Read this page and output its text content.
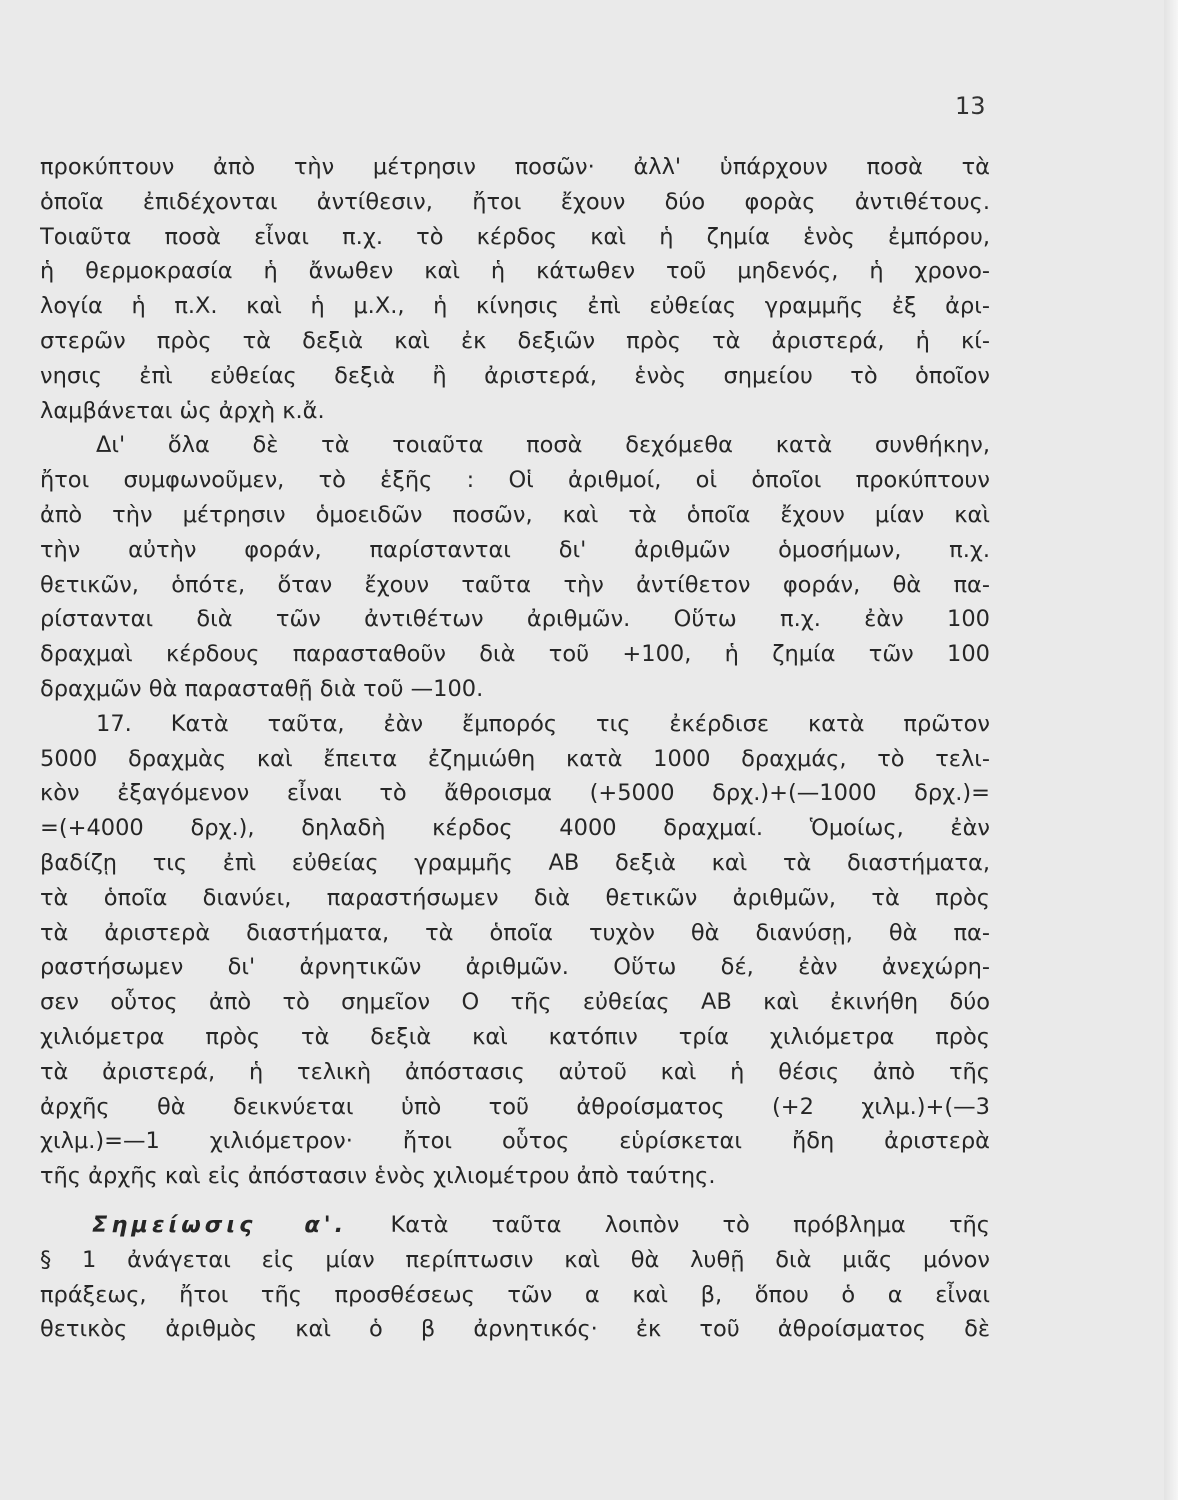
13
προκύπτουν ἀπὸ τὴν μέτρησιν ποσῶν· ἀλλ' ὑπάρχουν ποσὰ τὰ
ὁποῖα ἐπιδέχονται ἀντίθεσιν, ἤτοι ἔχουν δύο φορὰς ἀντιθέτους.
Τοιαῦτα ποσὰ εἶναι π.χ. τὸ κέρδος καὶ ἡ ζημία ἑνὸς ἐμπόρου,
ἡ θερμοκρασία ἡ ἄνωθεν καὶ ἡ κάτωθεν τοῦ μηδενός, ἡ χρονο-
λογία ἡ π.Χ. καὶ ἡ μ.Χ., ἡ κίνησις ἐπὶ εὐθείας γραμμῆς ἐξ ἀρι-
στερῶν πρὸς τὰ δεξιὰ καὶ ἐκ δεξιῶν πρὸς τὰ ἀριστερά, ἡ κί-
νησις ἐπὶ εὐθείας δεξιὰ ἢ ἀριστερά, ἑνὸς σημείου τὸ ὁποῖον
λαμβάνεται ὡς ἀρχὴ κ.ἄ.
Δι' ὅλα δὲ τὰ τοιαῦτα ποσὰ δεχόμεθα κατὰ συνθήκην,
ἤτοι συμφωνοῦμεν, τὸ ἑξῆς : Οἱ ἀριθμοί, οἱ ὁποῖοι προκύπτουν
ἀπὸ τὴν μέτρησιν ὁμοειδῶν ποσῶν, καὶ τὰ ὁποῖα ἔχουν μίαν καὶ
τὴν αὐτὴν φοράν, παρίστανται δι' ἀριθμῶν ὁμοσήμων, π.χ.
θετικῶν, ὁπότε, ὅταν ἔχουν ταῦτα τὴν ἀντίθετον φοράν, θὰ πα-
ρίστανται διὰ τῶν ἀντιθέτων ἀριθμῶν. Οὕτω π.χ. ἐὰν 100
δραχμαὶ κέρδους παρασταθοῦν διὰ τοῦ +100, ἡ ζημία τῶν 100
δραχμῶν θὰ παρασταθῇ διὰ τοῦ —100.
17. Κατὰ ταῦτα, ἐὰν ἔμπορός τις ἐκέρδισε κατὰ πρῶτον
5000 δραχμὰς καὶ ἔπειτα ἐζημιώθη κατὰ 1000 δραχμάς, τὸ τελι-
κὸν ἐξαγόμενον εἶναι τὸ ἄθροισμα (+5000 δρχ.)+(—1000 δρχ.)=
=(+4000 δρχ.), δηλαδὴ κέρδος 4000 δραχμαί. Ὁμοίως, ἐὰν
βαδίζῃ τις ἐπὶ εὐθείας γραμμῆς ΑΒ δεξιὰ καὶ τὰ διαστήματα,
τὰ ὁποῖα διανύει, παραστήσωμεν διὰ θετικῶν ἀριθμῶν, τὰ πρὸς
τὰ ἀριστερὰ διαστήματα, τὰ ὁποῖα τυχὸν θὰ διανύσῃ, θὰ πα-
ραστήσωμεν δι' ἀρνητικῶν ἀριθμῶν. Οὕτω δέ, ἐὰν ἀνεχώρη-
σεν οὗτος ἀπὸ τὸ σημεῖον Ο τῆς εὐθείας ΑΒ καὶ ἐκινήθη δύο
χιλιόμετρα πρὸς τὰ δεξιὰ καὶ κατόπιν τρία χιλιόμετρα πρὸς
τὰ ἀριστερά, ἡ τελικὴ ἀπόστασις αὐτοῦ καὶ ἡ θέσις ἀπὸ τῆς
ἀρχῆς θὰ δεικνύεται ὑπὸ τοῦ ἀθροίσματος (+2 χιλμ.)+(—3
χιλμ.)=—1 χιλιόμετρον· ἤτοι οὗτος εὑρίσκεται ἤδη ἀριστερὰ
τῆς ἀρχῆς καὶ εἰς ἀπόστασιν ἑνὸς χιλιομέτρου ἀπὸ ταύτης.
Σημείωσις α'. Κατὰ ταῦτα λοιπὸν τὸ πρόβλημα τῆς
§ 1 ἀνάγεται εἰς μίαν περίπτωσιν καὶ θὰ λυθῇ διὰ μιᾶς μόνον
πράξεως, ἤτοι τῆς προσθέσεως τῶν α καὶ β, ὅπου ὁ α εἶναι
θετικὸς ἀριθμὸς καὶ ὁ β ἀρνητικός· ἐκ τοῦ ἀθροίσματος δὲ
